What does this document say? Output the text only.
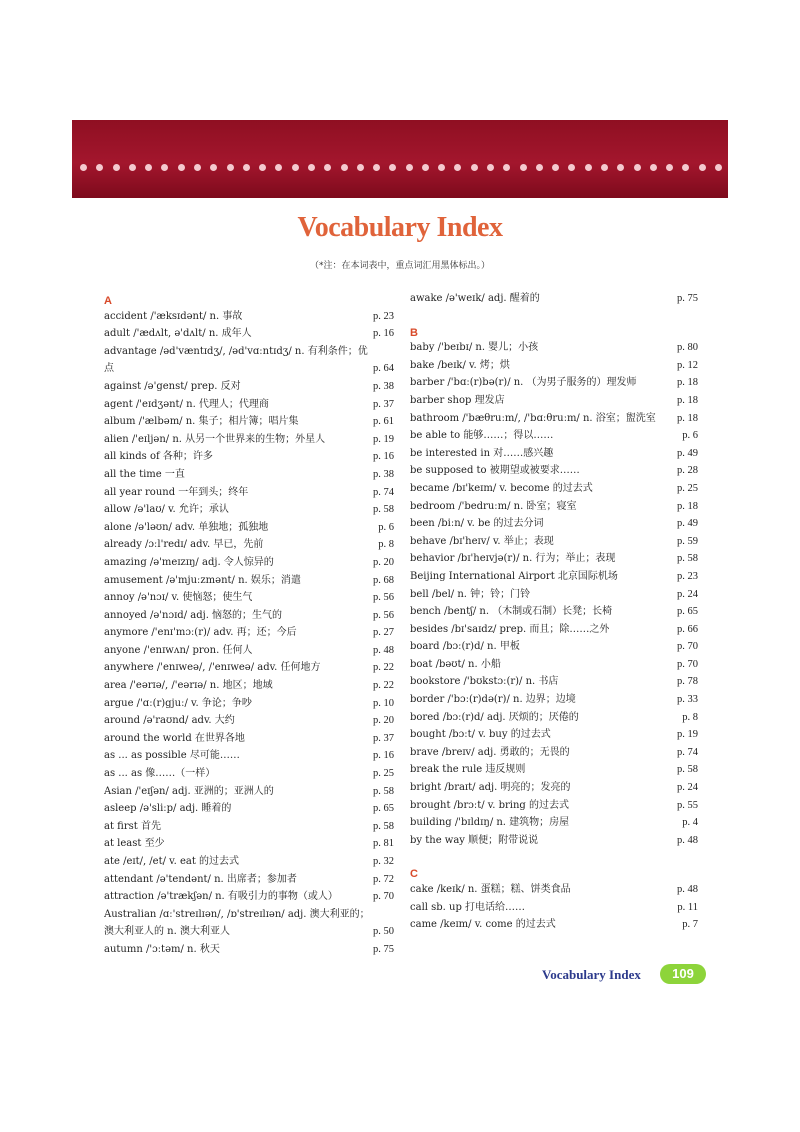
Vocabulary Index
（*注：在本词表中，重点词汇用黑体标出。）
A
accident /'æksɪdənt/ n. 事故	p. 23
adult /'ædʌlt, ə'dʌlt/ n. 成年人	p. 16
advantage /əd'væntɪdʒ/, /əd'vɑːntɪdʒ/ n. 有利条件；优点	p. 64
against /ə'genst/ prep. 反对	p. 38
agent /'eɪdʒənt/ n. 代理人；代理商	p. 37
album /'ælbəm/ n. 集子；相片簿；唱片集	p. 61
alien /'eɪljən/ n. 从另一个世界来的生物；外星人	p. 19
all kinds of 各种；许多	p. 16
all the time 一直	p. 38
all year round 一年到头；终年	p. 74
allow /ə'laʊ/ v. 允许；承认	p. 58
alone /ə'ləʊn/ adv. 单独地；孤独地	p. 6
already /ɔːl'redɪ/ adv. 早已，先前	p. 8
amazing /ə'meɪzɪŋ/ adj. 令人惊异的	p. 20
amusement /ə'mjuːzmənt/ n. 娱乐；消遣	p. 68
annoy /ə'nɔɪ/ v. 使恼怒；使生气	p. 56
annoyed /ə'nɔɪd/ adj. 恼怒的；生气的	p. 56
anymore /'enɪ'mɔː(r)/ adv. 再；还；今后	p. 27
anyone /'enɪwʌn/ pron. 任何人	p. 48
anywhere /'enɪweə/, /'enɪweə/ adv. 任何地方	p. 22
area /'eərɪə/, /'eərɪə/ n. 地区；地域	p. 22
argue /'ɑː(r)gjuː/ v. 争论；争吵	p. 10
around /ə'raʊnd/ adv. 大约	p. 20
around the world 在世界各地	p. 37
as ... as possible 尽可能……	p. 16
as ... as 像……（一样）	p. 25
Asian /'eɪʃən/ adj. 亚洲的；亚洲人的	p. 58
asleep /ə'sliːp/ adj. 睡着的	p. 65
at first 首先	p. 58
at least 至少	p. 81
ate /eɪt/, /et/ v. eat 的过去式	p. 32
attendant /ə'tendənt/ n. 出席者；参加者	p. 72
attraction /ə'trækʃən/ n. 有吸引力的事物（或人）	p. 70
Australian /ɑː'streɪlɪən/, /ɒ'streɪlɪən/ adj. 澳大利亚的；澳大利亚人的 n. 澳大利亚人	p. 50
autumn /'ɔːtəm/ n. 秋天	p. 75
awake /ə'weɪk/ adj. 醒着的	p. 75
B
baby /'beɪbɪ/ n. 婴儿；小孩	p. 80
bake /beɪk/ v. 烤；烘	p. 12
barber /'bɑː(r)bə(r)/ n. （为男子服务的）理发师	p. 18
barber shop 理发店	p. 18
bathroom /'bæθruːm/, /'bɑːθruːm/ n. 浴室；盥洗室 p. 18
be able to 能够……；得以……	p. 6
be interested in 对……感兴趣	p. 49
be supposed to 被期望或被要求……	p. 28
became /bɪ'keɪm/ v. become 的过去式	p. 25
bedroom /'bedruːm/ n. 卧室；寝室	p. 18
been /biːn/ v. be 的过去分词	p. 49
behave /bɪ'heɪv/ v. 举止；表现	p. 59
behavior /bɪ'heɪvjə(r)/ n. 行为；举止；表现	p. 58
Beijing International Airport 北京国际机场	p. 23
bell /bel/ n. 钟；铃；门铃	p. 24
bench /bentʃ/ n. （木制或石制）长凳；长椅	p. 65
besides /bɪ'saɪdz/ prep. 而且；除……之外	p. 66
board /bɔː(r)d/ n. 甲板	p. 70
boat /bəʊt/ n. 小船	p. 70
bookstore /'bʊkstɔː(r)/ n. 书店	p. 78
border /'bɔː(r)də(r)/ n. 边界；边境	p. 33
bored /bɔː(r)d/ adj. 厌烦的；厌倦的	p. 8
bought /bɔːt/ v. buy 的过去式	p. 19
brave /breɪv/ adj. 勇敢的；无畏的	p. 74
break the rule 违反规则	p. 58
bright /braɪt/ adj. 明亮的；发亮的	p. 24
brought /brɔːt/ v. bring 的过去式	p. 55
building /'bɪldɪŋ/ n. 建筑物；房屋	p. 4
by the way 顺便；附带说说	p. 48
C
cake /keɪk/ n. 蛋糕；糕、饼类食品	p. 48
call sb. up 打电话给……	p. 11
came /keɪm/ v. come 的过去式	p. 7
Vocabulary Index	109
